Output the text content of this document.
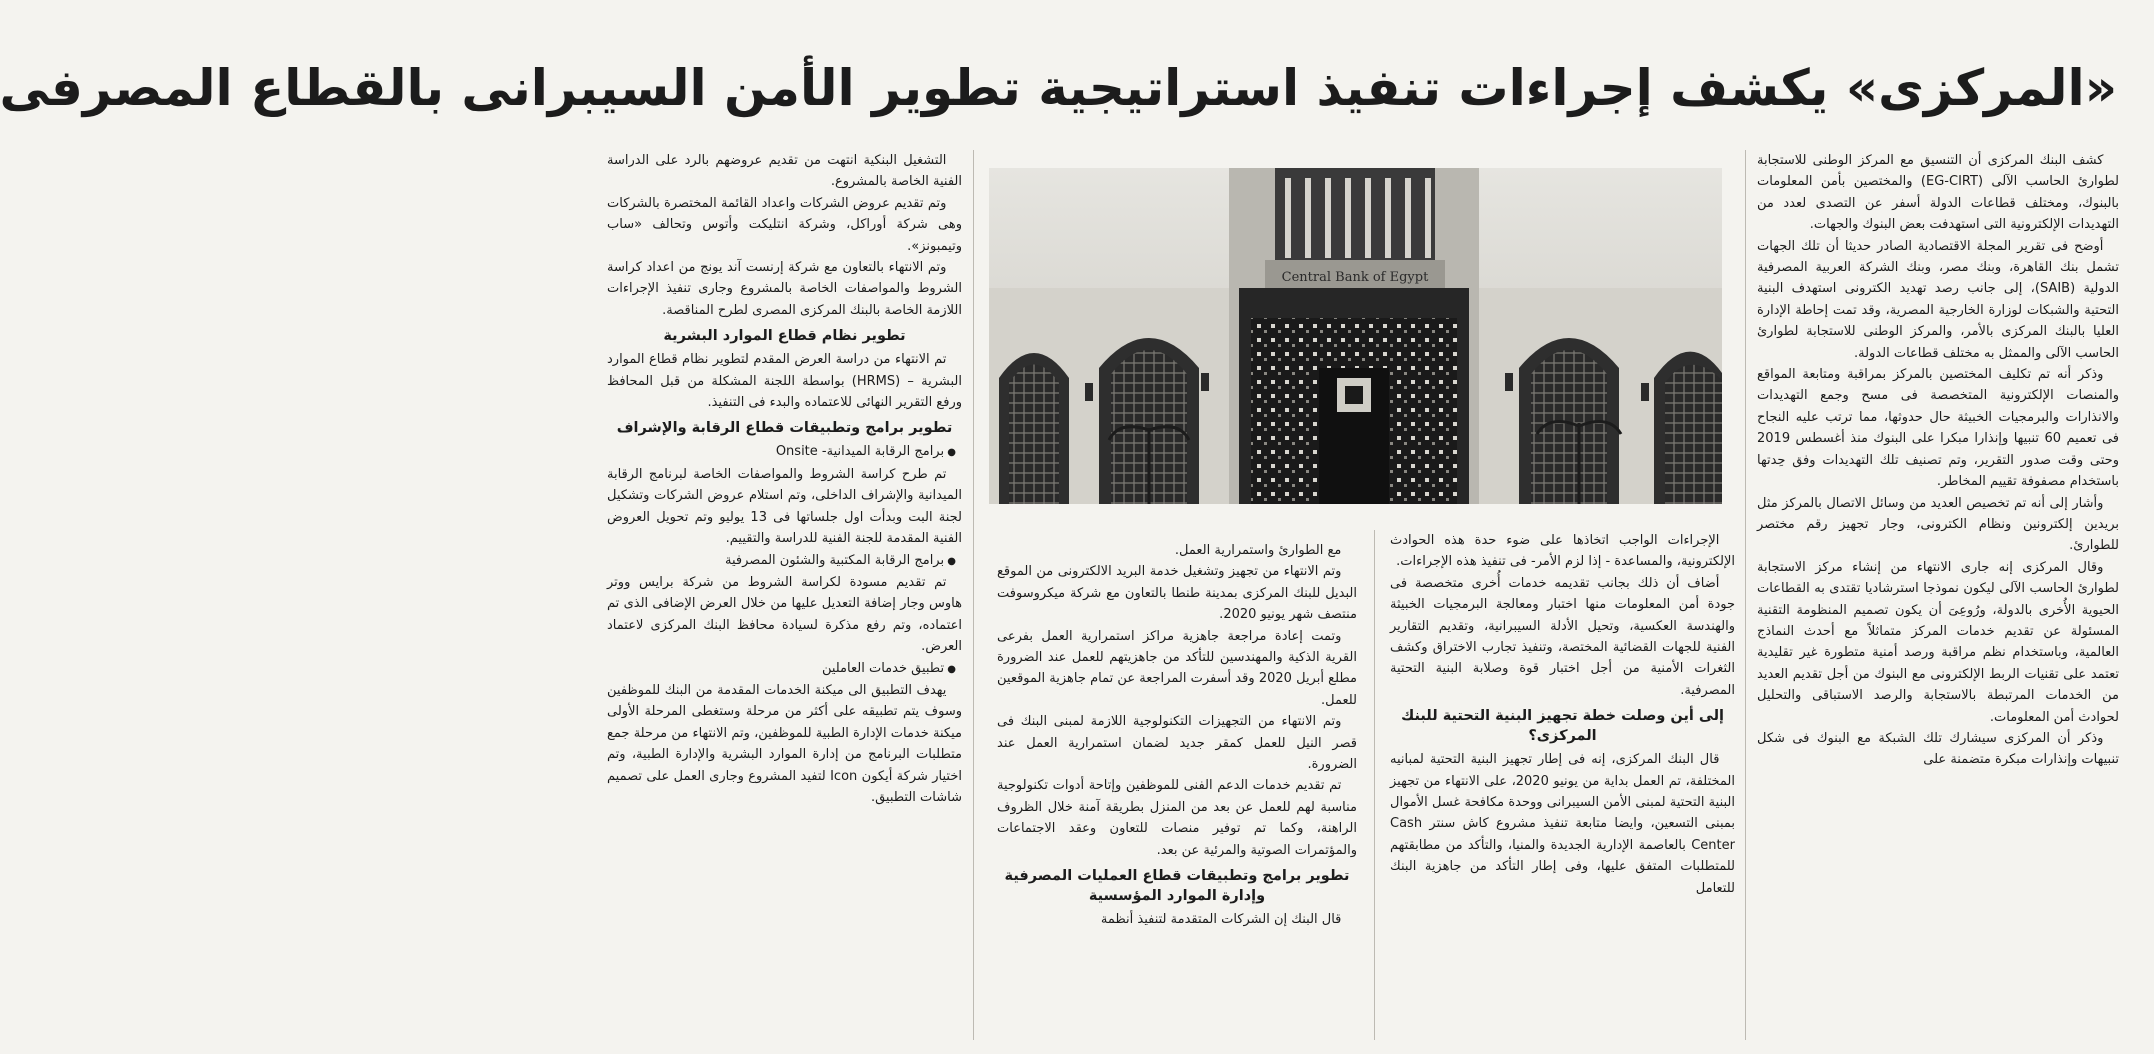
«المركزى» يكشف إجراءات تنفيذ استراتيجية تطوير الأمن السيبرانى بالقطاع المصرفى

كشف البنك المركزى أن التنسيق مع المركز الوطنى للاستجابة لطوارئ الحاسب الآلى (EG-CIRT) والمختصين بأمن المعلومات بالبنوك، ومختلف قطاعات الدولة أسفر عن التصدى لعدد من التهديدات الإلكترونية التى استهدفت بعض البنوك والجهات.

أوضح فى تقرير المجلة الاقتصادية الصادر حديثا أن تلك الجهات تشمل بنك القاهرة، وبنك مصر، وبنك الشركة العربية المصرفية الدولية (SAIB)، إلى جانب رصد تهديد الكترونى استهدف البنية التحتية والشبكات لوزارة الخارجية المصرية، وقد تمت إحاطة الإدارة العليا بالبنك المركزى بالأمر، والمركز الوطنى للاستجابة لطوارئ الحاسب الآلى والممثل به مختلف قطاعات الدولة.

وذكر أنه تم تكليف المختصين بالمركز بمراقبة ومتابعة المواقع والمنصات الإلكترونية المتخصصة فى مسح وجمع التهديدات والانذارات والبرمجيات الخبيثة حال حدوثها، مما ترتب عليه النجاح فى تعميم 60 تنبيها وإنذارا مبكرا على البنوك منذ أغسطس 2019 وحتى وقت صدور التقرير، وتم تصنيف تلك التهديدات وفق حِدتها باستخدام مصفوفة تقييم المخاطر.

وأشار إلى أنه تم تخصيص العديد من وسائل الاتصال بالمركز مثل بريدين إلكترونين ونظام الكترونى، وجار تجهيز رقم مختصر للطوارئ.

وقال المركزى إنه جارى الانتهاء من إنشاء مركز الاستجابة لطوارئ الحاسب الآلى ليكون نموذجا استرشاديا تقتدى به القطاعات الحيوية الأُخرى بالدولة، ورُوعِىَ أن يكون تصميم المنظومة التقنية المسئولة عن تقديم خدمات المركز متماثلاً مع أحدث النماذج العالمية، وباستخدام نظم مراقبة ورصد أمنية متطورة غير تقليدية تعتمد على تقنيات الربط الإلكترونى مع البنوك من أجل تقديم العديد من الخدمات المرتبطة بالاستجابة والرصد الاستباقى والتحليل لحوادث أمن المعلومات.

وذكر أن المركزى سيشارك تلك الشبكة مع البنوك فى شكل تنبيهات وإنذارات مبكرة متضمنة على

Central Bank of Egypt

الإجراءات الواجب اتخاذها على ضوء حدة هذه الحوادث الإلكترونية، والمساعدة - إذا لزم الأمر- فى تنفيذ هذه الإجراءات.

أضاف أن ذلك بجانب تقديمه خدمات أُخرى متخصصة فى جودة أمن المعلومات منها اختبار ومعالجة البرمجيات الخبيثة والهندسة العكسية، وتحيل الأدلة السيبرانية، وتقديم التقارير الفنية للجهات القضائية المختصة، وتنفيذ تجارب الاختراق وكشف الثغرات الأمنية من أجل اختبار قوة وصلابة البنية التحتية المصرفية.

إلى أين وصلت خطة تجهيز البنية التحتية للبنك المركزى؟

قال البنك المركزى، إنه فى إطار تجهيز البنية التحتية لمبانيه المختلفة، تم العمل بداية من يونيو 2020، على الانتهاء من تجهيز البنية التحتية لمبنى الأمن السيبرانى ووحدة مكافحة غسل الأموال بمبنى التسعين، وايضا متابعة تنفيذ مشروع كاش سنتر Cash Center بالعاصمة الإدارية الجديدة والمنيا، والتأكد من مطابقتهم للمتطلبات المتفق عليها، وفى إطار التأكد من جاهزية البنك للتعامل

مع الطوارئ واستمرارية العمل.

وتم الانتهاء من تجهيز وتشغيل خدمة البريد الالكترونى من الموقع البديل للبنك المركزى بمدينة طنطا بالتعاون مع شركة ميكروسوفت منتصف شهر يونيو 2020.

وتمت إعادة مراجعة جاهزية مراكز استمرارية العمل بفرعى القرية الذكية والمهندسين للتأكد من جاهزيتهم للعمل عند الضرورة مطلع أبريل 2020 وقد أسفرت المراجعة عن تمام جاهزية الموقعين للعمل.

وتم الانتهاء من التجهيزات التكنولوجية اللازمة لمبنى البنك فى قصر النيل للعمل كمقر جديد لضمان استمرارية العمل عند الضرورة.

تم تقديم خدمات الدعم الفنى للموظفين وإتاحة أدوات تكنولوجية مناسبة لهم للعمل عن بعد من المنزل بطريقة آمنة خلال الظروف الراهنة، وكما تم توفير منصات للتعاون وعقد الاجتماعات والمؤتمرات الصوتية والمرئية عن بعد.

تطوير برامج وتطبيقات قطاع العمليات المصرفية وإدارة الموارد المؤسسية

قال البنك إن الشركات المتقدمة لتنفيذ أنظمة

التشغيل البنكية انتهت من تقديم عروضهم بالرد على الدراسة الفنية الخاصة بالمشروع.

وتم تقديم عروض الشركات واعداد القائمة المختصرة بالشركات وهى شركة أوراكل، وشركة انتليكت وأتوس وتحالف «ساب وتيمبونز».

وتم الانتهاء بالتعاون مع شركة إرنست آند يونج من اعداد كراسة الشروط والمواصفات الخاصة بالمشروع وجارى تنفيذ الإجراءات اللازمة الخاصة بالبنك المركزى المصرى لطرح المناقصة.

تطوير نظام قطاع الموارد البشرية

تم الانتهاء من دراسة العرض المقدم لتطوير نظام قطاع الموارد البشرية – (HRMS) بواسطة اللجنة المشكلة من قبل المحافظ ورفع التقرير النهائى للاعتماده والبدء فى التنفيذ.

تطوير برامج وتطبيقات قطاع الرقابة والإشراف

● برامج الرقابة الميدانية- Onsite

تم طرح كراسة الشروط والمواصفات الخاصة لبرنامج الرقابة الميدانية والإشراف الداخلى، وتم استلام عروض الشركات وتشكيل لجنة البت وبدأت اول جلساتها فى 13 يوليو وتم تحويل العروض الفنية المقدمة للجنة الفنية للدراسة والتقييم.

● برامج الرقابة المكتبية والشئون المصرفية

تم تقديم مسودة لكراسة الشروط من شركة برايس ووتر هاوس وجار إضافة التعديل عليها من خلال العرض الإضافى الذى تم اعتماده، وتم رفع مذكرة لسيادة محافظ البنك المركزى لاعتماد العرض.

● تطبيق خدمات العاملين

يهدف التطبيق الى ميكنة الخدمات المقدمة من البنك للموظفين وسوف يتم تطبيقه على أكثر من مرحلة وستغطى المرحلة الأولى ميكنة خدمات الإدارة الطبية للموظفين، وتم الانتهاء من مرحلة جمع متطلبات البرنامج من إدارة الموارد البشرية والإدارة الطبية، وتم اختيار شركة أيكون Icon لتفيد المشروع وجارى العمل على تصميم شاشات التطبيق.
